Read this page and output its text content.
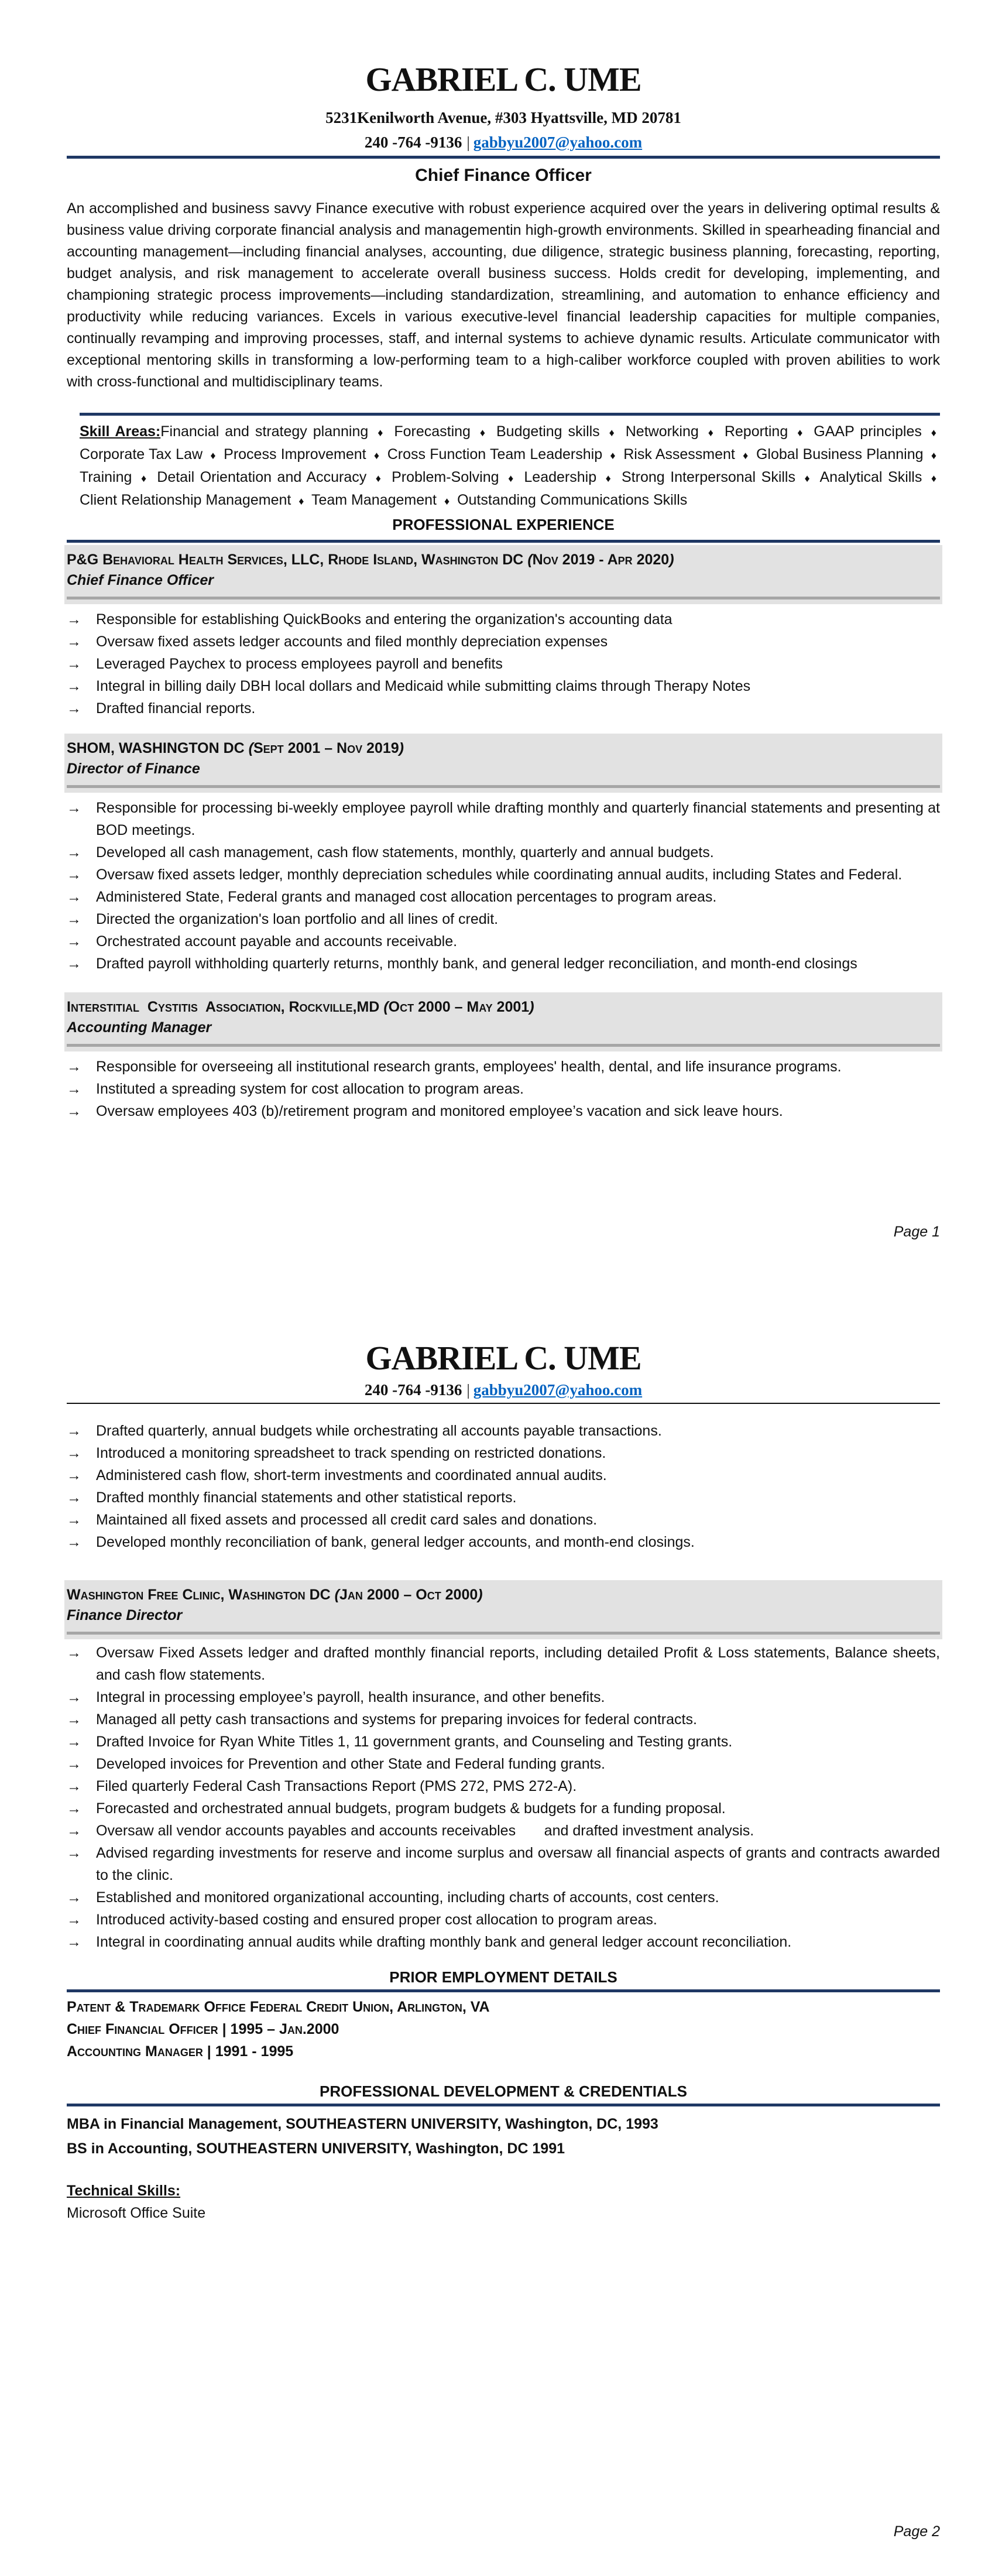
GABRIEL C. UME
5231Kenilworth Avenue, #303 Hyattsville, MD 20781
240 -764 -9136 | gabbyu2007@yahoo.com
Chief Finance Officer
An accomplished and business savvy Finance executive with robust experience acquired over the years in delivering optimal results & business value driving corporate financial analysis and managementin high-growth environments. Skilled in spearheading financial and accounting management—including financial analyses, accounting, due diligence, strategic business planning, forecasting, reporting, budget analysis, and risk management to accelerate overall business success. Holds credit for developing, implementing, and championing strategic process improvements—including standardization, streamlining, and automation to enhance efficiency and productivity while reducing variances. Excels in various executive-level financial leadership capacities for multiple companies, continually revamping and improving processes, staff, and internal systems to achieve dynamic results. Articulate communicator with exceptional mentoring skills in transforming a low-performing team to a high-caliber workforce coupled with proven abilities to work with cross-functional and multidisciplinary teams.
Skill Areas:Financial and strategy planning ♦ Forecasting ♦ Budgeting skills ♦ Networking ♦ Reporting ♦ GAAP principles ♦ Corporate Tax Law ♦ Process Improvement ♦ Cross Function Team Leadership ♦ Risk Assessment ♦ Global Business Planning ♦ Training ♦ Detail Orientation and Accuracy ♦ Problem-Solving ♦ Leadership ♦ Strong Interpersonal Skills ♦ Analytical Skills ♦ Client Relationship Management ♦ Team Management ♦ Outstanding Communications Skills
PROFESSIONAL EXPERIENCE
P&G Behavioral Health Services, LLC, Rhode Island, Washington DC ( Nov 2019 - Apr 2020 )
Chief Finance Officer
→ Responsible for establishing QuickBooks and entering the organization's accounting data
→ Oversaw fixed assets ledger accounts and filed monthly depreciation expenses
→ Leveraged Paychex to process employees payroll and benefits
→ Integral in billing daily DBH local dollars and Medicaid while submitting claims through Therapy Notes
→ Drafted financial reports.
SHOM, WASHINGTON DC ( Sept 2001 – Nov 2019 )
Director of Finance
→ Responsible for processing bi-weekly employee payroll while drafting monthly and quarterly financial statements and presenting at BOD meetings.
→ Developed all cash management, cash flow statements, monthly, quarterly and annual budgets.
→ Oversaw fixed assets ledger, monthly depreciation schedules while coordinating annual audits, including States and Federal.
→ Administered State, Federal grants and managed cost allocation percentages to program areas.
→ Directed the organization's loan portfolio and all lines of credit.
→ Orchestrated account payable and accounts receivable.
→ Drafted payroll withholding quarterly returns, monthly bank, and general ledger reconciliation, and month-end closings
Interstitial  Cystitis  Association, Rockville,MD ( Oct 2000 – May 2001 )
Accounting Manager
→ Responsible for overseeing all institutional research grants, employees' health, dental, and life insurance programs.
→ Instituted a spreading system for cost allocation to program areas.
→ Oversaw employees 403 (b)/retirement program and monitored employee’s vacation and sick leave hours.
Page 1
GABRIEL C. UME
240 -764 -9136 | gabbyu2007@yahoo.com
→ Drafted quarterly, annual budgets while orchestrating all accounts payable transactions.
→ Introduced a monitoring spreadsheet to track spending on restricted donations.
→ Administered cash flow, short-term investments and coordinated annual audits.
→ Drafted monthly financial statements and other statistical reports.
→ Maintained all fixed assets and processed all credit card sales and donations.
→ Developed monthly reconciliation of bank, general ledger accounts, and month-end closings.
Washington Free Clinic, Washington DC ( Jan 2000 – Oct 2000 )
Finance Director
→ Oversaw Fixed Assets ledger and drafted monthly financial reports, including detailed Profit & Loss statements, Balance sheets, and cash flow statements.
→ Integral in processing employee’s payroll, health insurance, and other benefits.
→ Managed all petty cash transactions and systems for preparing invoices for federal contracts.
→ Drafted Invoice for Ryan White Titles 1, 11 government grants, and Counseling and Testing grants.
→ Developed invoices for Prevention and other State and Federal funding grants.
→ Filed quarterly Federal Cash Transactions Report (PMS 272, PMS 272-A).
→ Forecasted and orchestrated annual budgets, program budgets & budgets for a funding proposal.
→ Oversaw all vendor accounts payables and accounts receivables       and drafted investment analysis.
→ Advised regarding investments for reserve and income surplus and oversaw all financial aspects of grants and contracts awarded to the clinic.
→ Established and monitored organizational accounting, including charts of accounts, cost centers.
→ Introduced activity-based costing and ensured proper cost allocation to program areas.
→ Integral in coordinating annual audits while drafting monthly bank and general ledger account reconciliation.
PRIOR EMPLOYMENT DETAILS
Patent & Trademark Office Federal Credit Union, Arlington, VA
Chief Financial Officer | 1995 – Jan.2000
Accounting Manager | 1991 - 1995
PROFESSIONAL DEVELOPMENT & CREDENTIALS
MBA in Financial Management, SOUTHEASTERN UNIVERSITY, Washington, DC, 1993
BS in Accounting, SOUTHEASTERN UNIVERSITY, Washington, DC 1991
Technical Skills:
Microsoft Office Suite
Page 2
